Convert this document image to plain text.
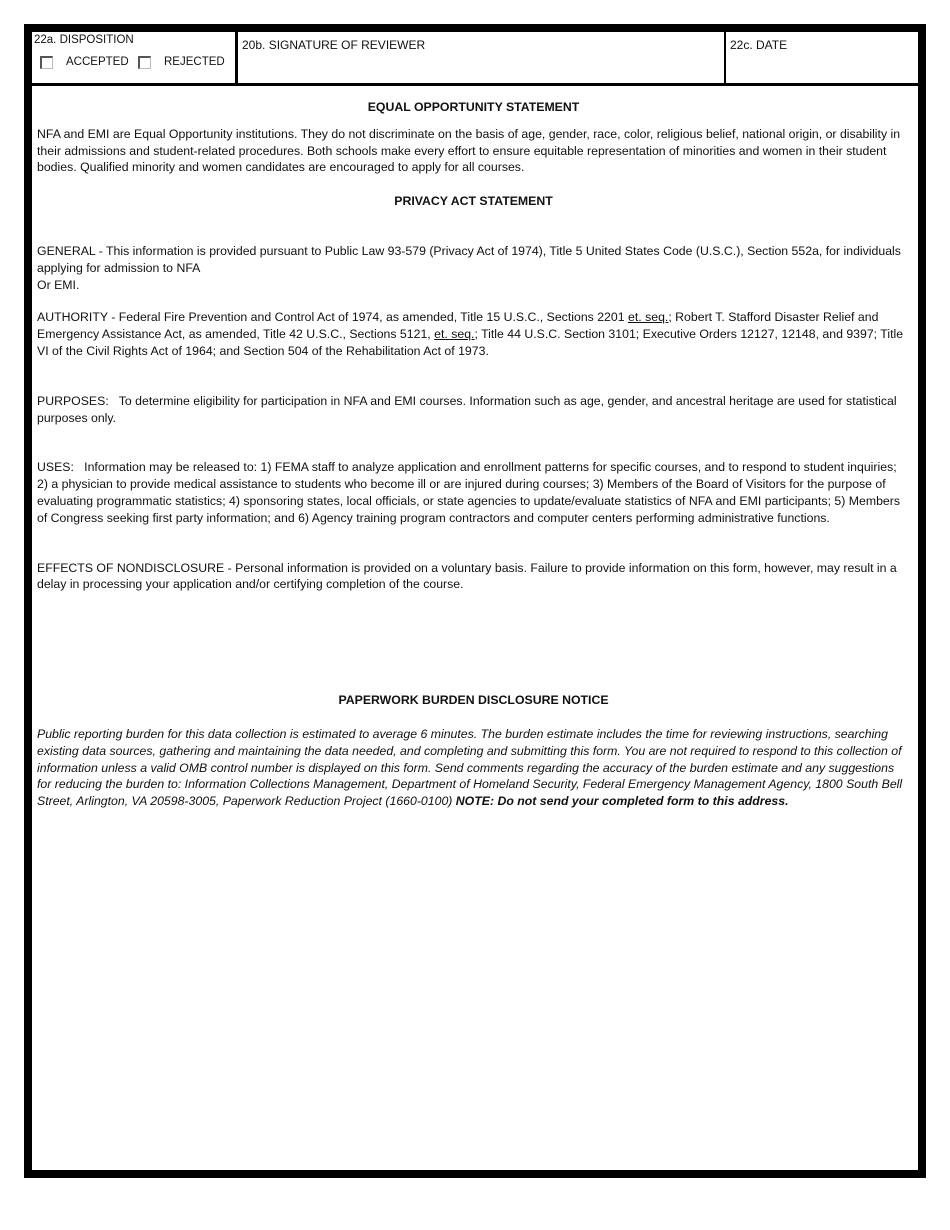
22a. DISPOSITION
ACCEPTED	REJECTED
20b. SIGNATURE OF REVIEWER	22c. DATE

EQUAL OPPORTUNITY STATEMENT

NFA and EMI are Equal Opportunity institutions. They do not discriminate on the basis of age, gender, race, color, religious belief, national origin, or disability in their admissions and student-related procedures. Both schools make every effort to ensure equitable representation of minorities and women in their student bodies. Qualified minority and women candidates are encouraged to apply for all courses.

PRIVACY ACT STATEMENT

GENERAL - This information is provided pursuant to Public Law 93-579 (Privacy Act of 1974), Title 5 United States Code (U.S.C.), Section 552a, for individuals applying for admission to NFA
Or EMI.

AUTHORITY - Federal Fire Prevention and Control Act of 1974, as amended, Title 15 U.S.C., Sections 2201 et. seq.; Robert T. Stafford Disaster Relief and Emergency Assistance Act, as amended, Title 42 U.S.C., Sections 5121, et. seq.; Title 44 U.S.C. Section 3101; Executive Orders 12127, 12148, and 9397; Title VI of the Civil Rights Act of 1964; and Section 504 of the Rehabilitation Act of 1973.

PURPOSES:   To determine eligibility for participation in NFA and EMI courses. Information such as age, gender, and ancestral heritage are used for statistical purposes only.

USES:   Information may be released to: 1) FEMA staff to analyze application and enrollment patterns for specific courses, and to respond to student inquiries; 2) a physician to provide medical assistance to students who become ill or are injured during courses; 3) Members of the Board of Visitors for the purpose of evaluating programmatic statistics; 4) sponsoring states, local officials, or state agencies to update/evaluate statistics of NFA and EMI participants; 5) Members of Congress seeking first party information; and 6) Agency training program contractors and computer centers performing administrative functions.

EFFECTS OF NONDISCLOSURE - Personal information is provided on a voluntary basis. Failure to provide information on this form, however, may result in a delay in processing your application and/or certifying completion of the course.

PAPERWORK BURDEN DISCLOSURE NOTICE

Public reporting burden for this data collection is estimated to average 6 minutes. The burden estimate includes the time for reviewing instructions, searching existing data sources, gathering and maintaining the data needed, and completing and submitting this form. You are not required to respond to this collection of information unless a valid OMB control number is displayed on this form. Send comments regarding the accuracy of the burden estimate and any suggestions for reducing the burden to: Information Collections Management, Department of Homeland Security, Federal Emergency Management Agency, 1800 South Bell Street, Arlington, VA 20598-3005, Paperwork Reduction Project (1660-0100) NOTE: Do not send your completed form to this address.
